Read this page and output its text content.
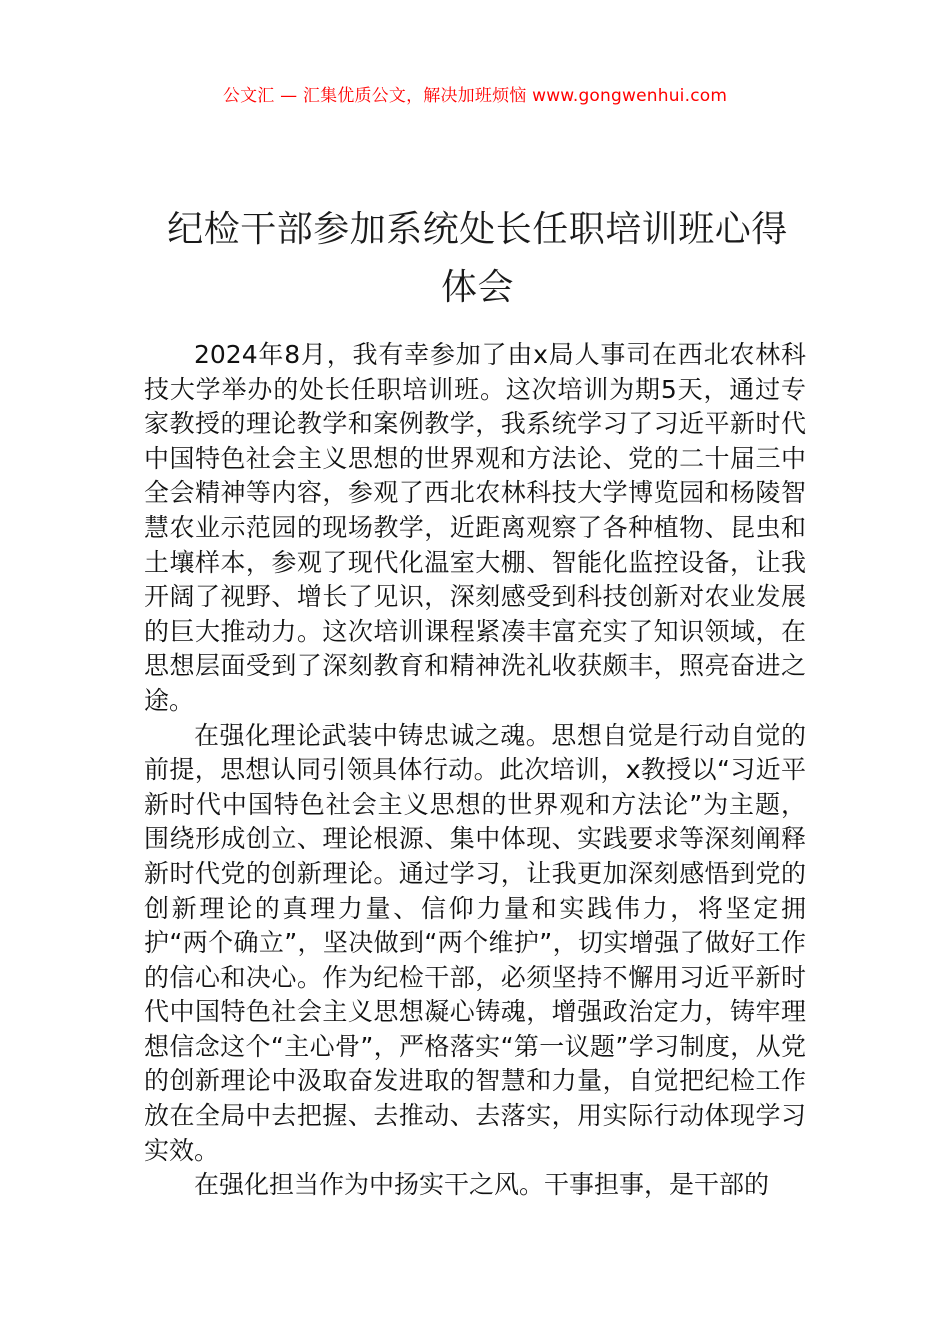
公文汇 — 汇集优质公文，解决加班烦恼 www.gongwenhui.com
纪检干部参加系统处长任职培训班心得体会

2024年8月，我有幸参加了由x局人事司在西北农林科技大学举办的处长任职培训班。这次培训为期5天，通过专家教授的理论教学和案例教学，我系统学习了习近平新时代中国特色社会主义思想的世界观和方法论、党的二十届三中全会精神等内容，参观了西北农林科技大学博览园和杨陵智慧农业示范园的现场教学，近距离观察了各种植物、昆虫和土壤样本，参观了现代化温室大棚、智能化监控设备，让我开阔了视野、增长了见识，深刻感受到科技创新对农业发展的巨大推动力。这次培训课程紧凑丰富充实了知识领域，在思想层面受到了深刻教育和精神洗礼收获颇丰，照亮奋进之途。

在强化理论武装中铸忠诚之魂。思想自觉是行动自觉的前提，思想认同引领具体行动。此次培训，x教授以“习近平新时代中国特色社会主义思想的世界观和方法论”为主题，围绕形成创立、理论根源、集中体现、实践要求等深刻阐释新时代党的创新理论。通过学习，让我更加深刻感悟到党的创新理论的真理力量、信仰力量和实践伟力，将坚定拥护“两个确立”，坚决做到“两个维护”，切实增强了做好工作的信心和决心。作为纪检干部，必须坚持不懈用习近平新时代中国特色社会主义思想凝心铸魂，增强政治定力，铸牢理想信念这个“主心骨”，严格落实“第一议题”学习制度，从党的创新理论中汲取奋发进取的智慧和力量，自觉把纪检工作放在全局中去把握、去推动、去落实，用实际行动体现学习实效。

在强化担当作为中扬实干之风。干事担事，是干部的
